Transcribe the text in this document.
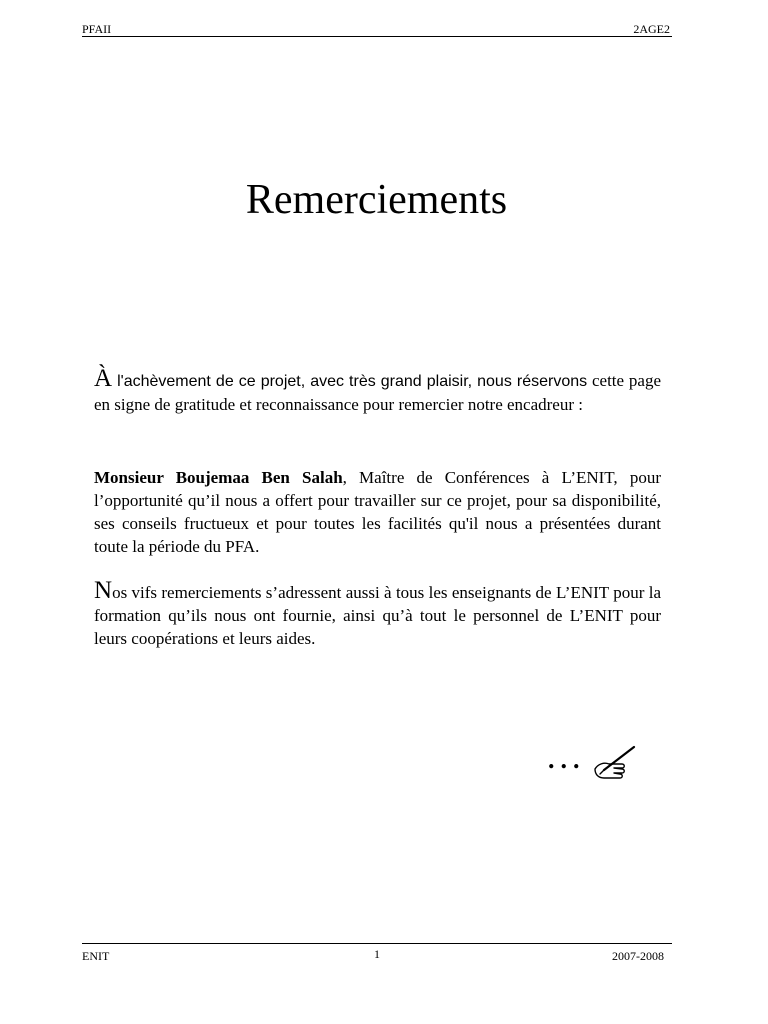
PFAII	2AGE2
Remerciements
À l'achèvement de ce projet, avec très grand plaisir, nous réservons cette page en signe de gratitude et reconnaissance pour remercier notre encadreur :
Monsieur Boujemaa Ben Salah, Maître de Conférences à L’ENIT, pour l’opportunité qu’il nous a offert pour travailler sur ce projet, pour sa disponibilité, ses conseils fructueux et pour toutes les facilités qu'il nous a présentées durant toute la période du PFA.
Nos vifs remerciements s’adressent aussi à tous les enseignants de L’ENIT pour la formation qu’ils nous ont fournie, ainsi qu’à tout le personnel de L’ENIT pour leurs coopérations et leurs aides.
...
ENIT	1	2007-2008
